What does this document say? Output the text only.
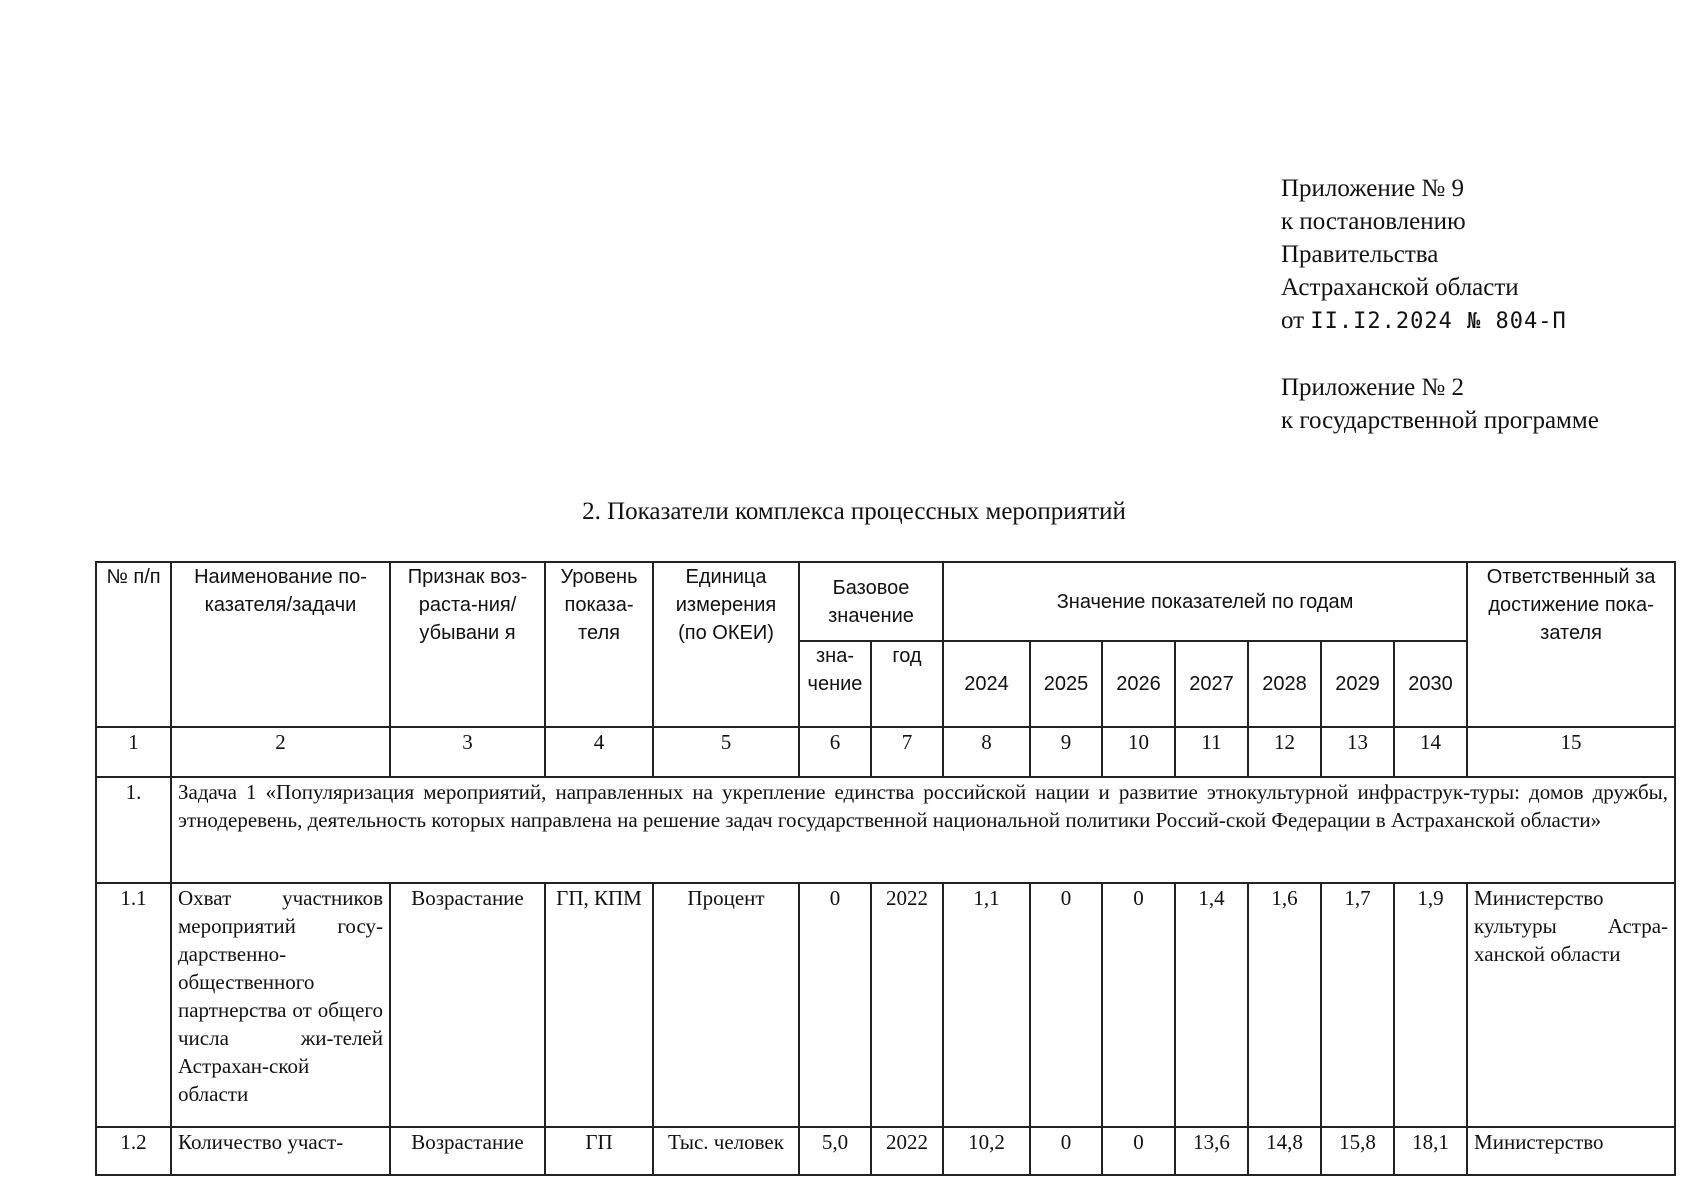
Приложение № 9
к постановлению
Правительства
Астраханской области
от II.I2.2024 № 804-П
Приложение № 2
к государственной программе
2. Показатели комплекса процессных мероприятий
№ п/п	Наименование по-казателя/задачи	Признак воз-раста-ния/убывани я	Уровень показа-теля	Единица измерения (по ОКЕИ)	Базовое значение		Значение показателей по годам							Ответственный за достижение пока-зателя
					зна-чение	год	2024	2025	2026	2027	2028	2029	2030	
1	2	3	4	5	6	7	8	9	10	11	12	13	14	15
1.	Задача 1 «Популяризация мероприятий, направленных на укрепление единства российской нации и развитие этнокультурной инфраструк-туры: домов дружбы, этнодеревень, деятельность которых направлена на решение задач государственной национальной политики Россий-ской Федерации в Астраханской области»													
1.1	Охват участников мероприятий госу-дарственно-общественного партнерства от общего числа жи-телей Астрахан-ской области	Возрастание	ГП, КПМ	Процент	0	2022	1,1	0	0	1,4	1,6	1,7	1,9	Министерство культуры Астра-ханской области
1.2	Количество участ-	Возрастание	ГП	Тыс. человек	5,0	2022	10,2	0	0	13,6	14,8	15,8	18,1	Министерство
